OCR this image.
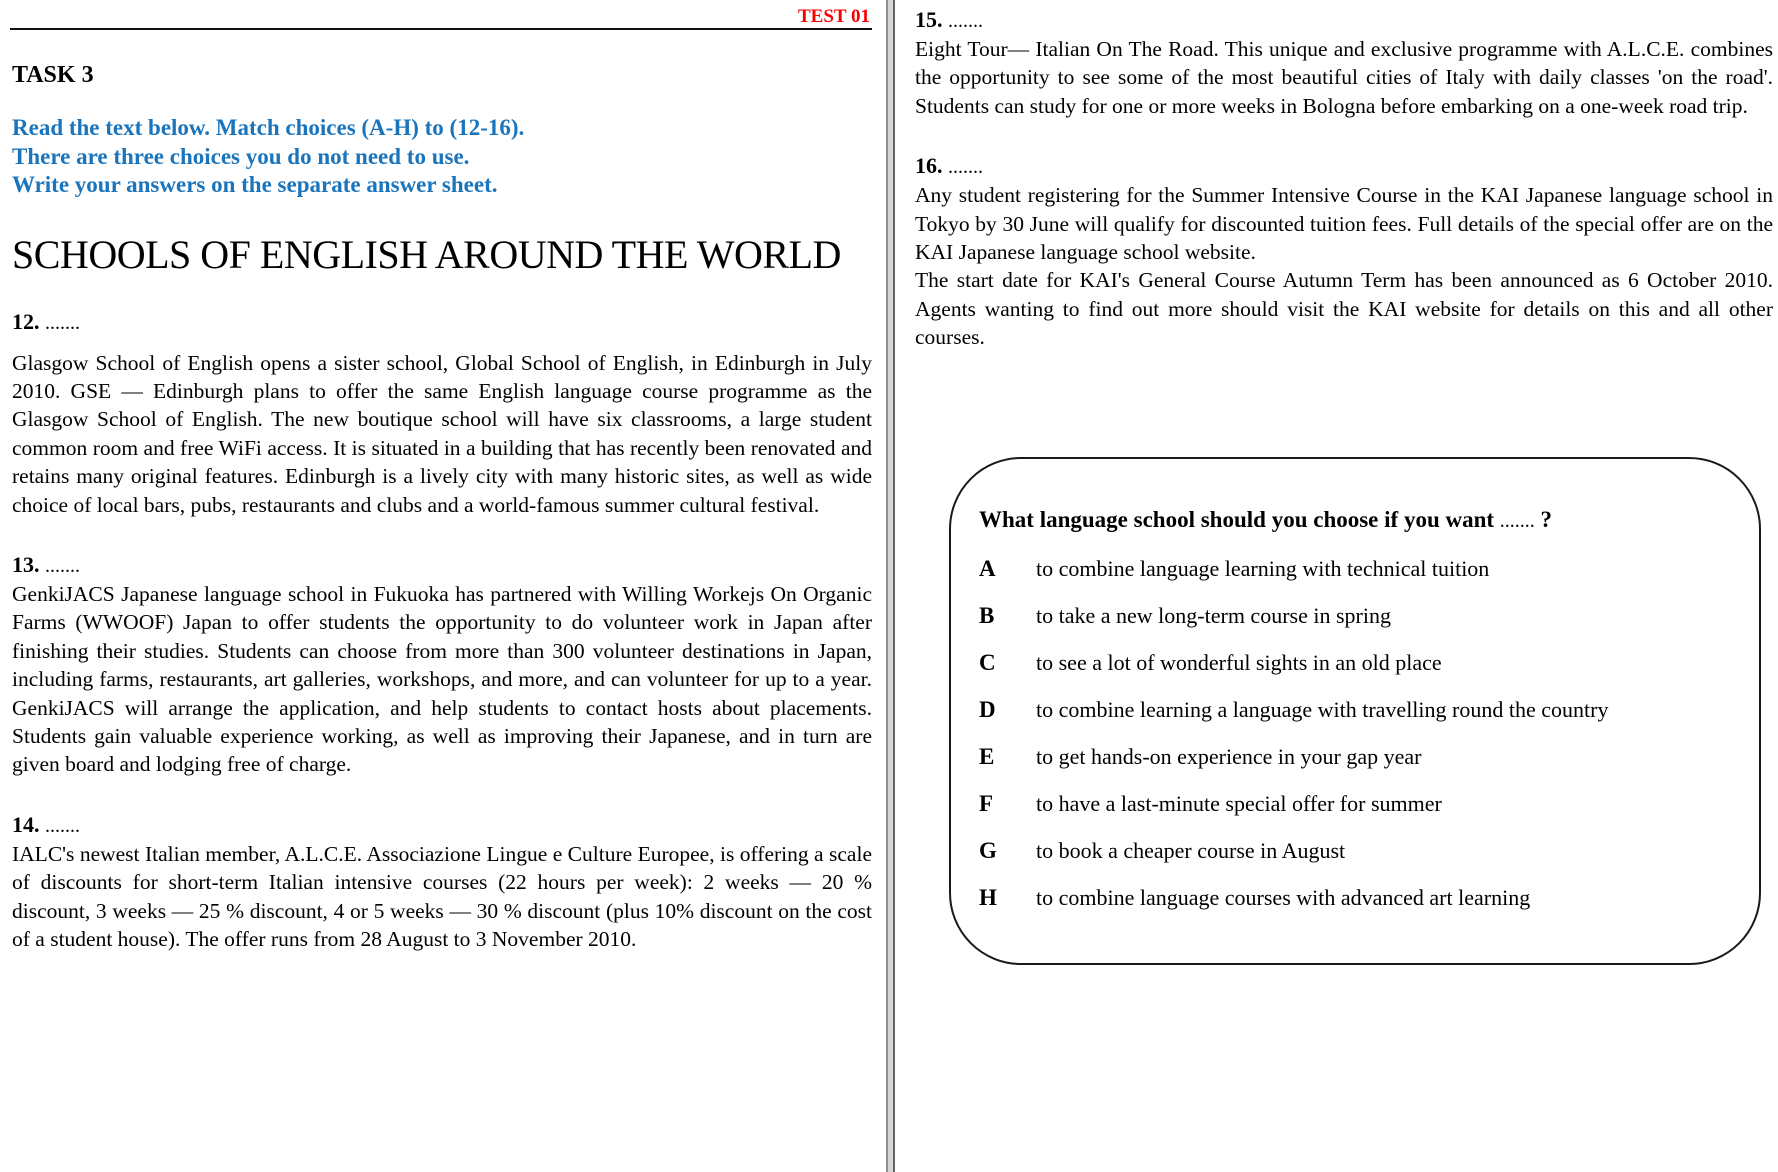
TEST 01
TASK 3
Read the text below. Match choices (A-H) to (12-16).
There are three choices you do not need to use.
Write your answers on the separate answer sheet.
SCHOOLS OF ENGLISH AROUND THE WORLD
12. .......

Glasgow School of English opens a sister school, Global School of English, in Edinburgh in July 2010. GSE — Edinburgh plans to offer the same English language course programme as the Glasgow School of English. The new boutique school will have six classrooms, a large student common room and free WiFi access. It is situated in a building that has recently been renovated and retains many original features. Edinburgh is a lively city with many historic sites, as well as wide choice of local bars, pubs, restaurants and clubs and a world-famous summer cultural festival.

13. .......

GenkiJACS Japanese language school in Fukuoka has partnered with Willing Workejs On Organic Farms (WWOOF) Japan to offer students the opportunity to do volunteer work in Japan after finishing their studies. Students can choose from more than 300 volunteer destinations in Japan, including farms, restaurants, art galleries, workshops, and more, and can volunteer for up to a year. GenkiJACS will arrange the application, and help students to contact hosts about placements. Students gain valuable experience working, as well as improving their Japanese, and in turn are given board and lodging free of charge.

14. .......

IALC's newest Italian member, A.L.C.E. Associazione Lingue e Culture Europee, is offering a scale of discounts for short-term Italian intensive courses (22 hours per week): 2 weeks — 20 % discount, 3 weeks — 25 % discount, 4 or 5 weeks — 30 % discount (plus 10% discount on the cost of a student house). The offer runs from 28 August to 3 November 2010.

15. .......

Eight Tour— Italian On The Road. This unique and exclusive programme with A.L.C.E. combines the opportunity to see some of the most beautiful cities of Italy with daily classes 'on the road'. Students can study for one or more weeks in Bologna before embarking on a one-week road trip.

16. .......

Any student registering for the Summer Intensive Course in the KAI Japanese language school in Tokyo by 30 June will qualify for discounted tuition fees. Full details of the special offer are on the KAI Japanese language school website.

The start date for KAI's General Course Autumn Term has been announced as 6 October 2010. Agents wanting to find out more should visit the KAI website for details on this and all other courses.

What language school should you choose if you want ....... ?
A	to combine language learning with technical tuition
B	to take a new long-term course in spring
C	to see a lot of wonderful sights in an old place
D	to combine learning a language with travelling round the country
E	to get hands-on experience in your gap year
F	to have a last-minute special offer for summer
G	to book a cheaper course in August
H	to combine language courses with advanced art learning
